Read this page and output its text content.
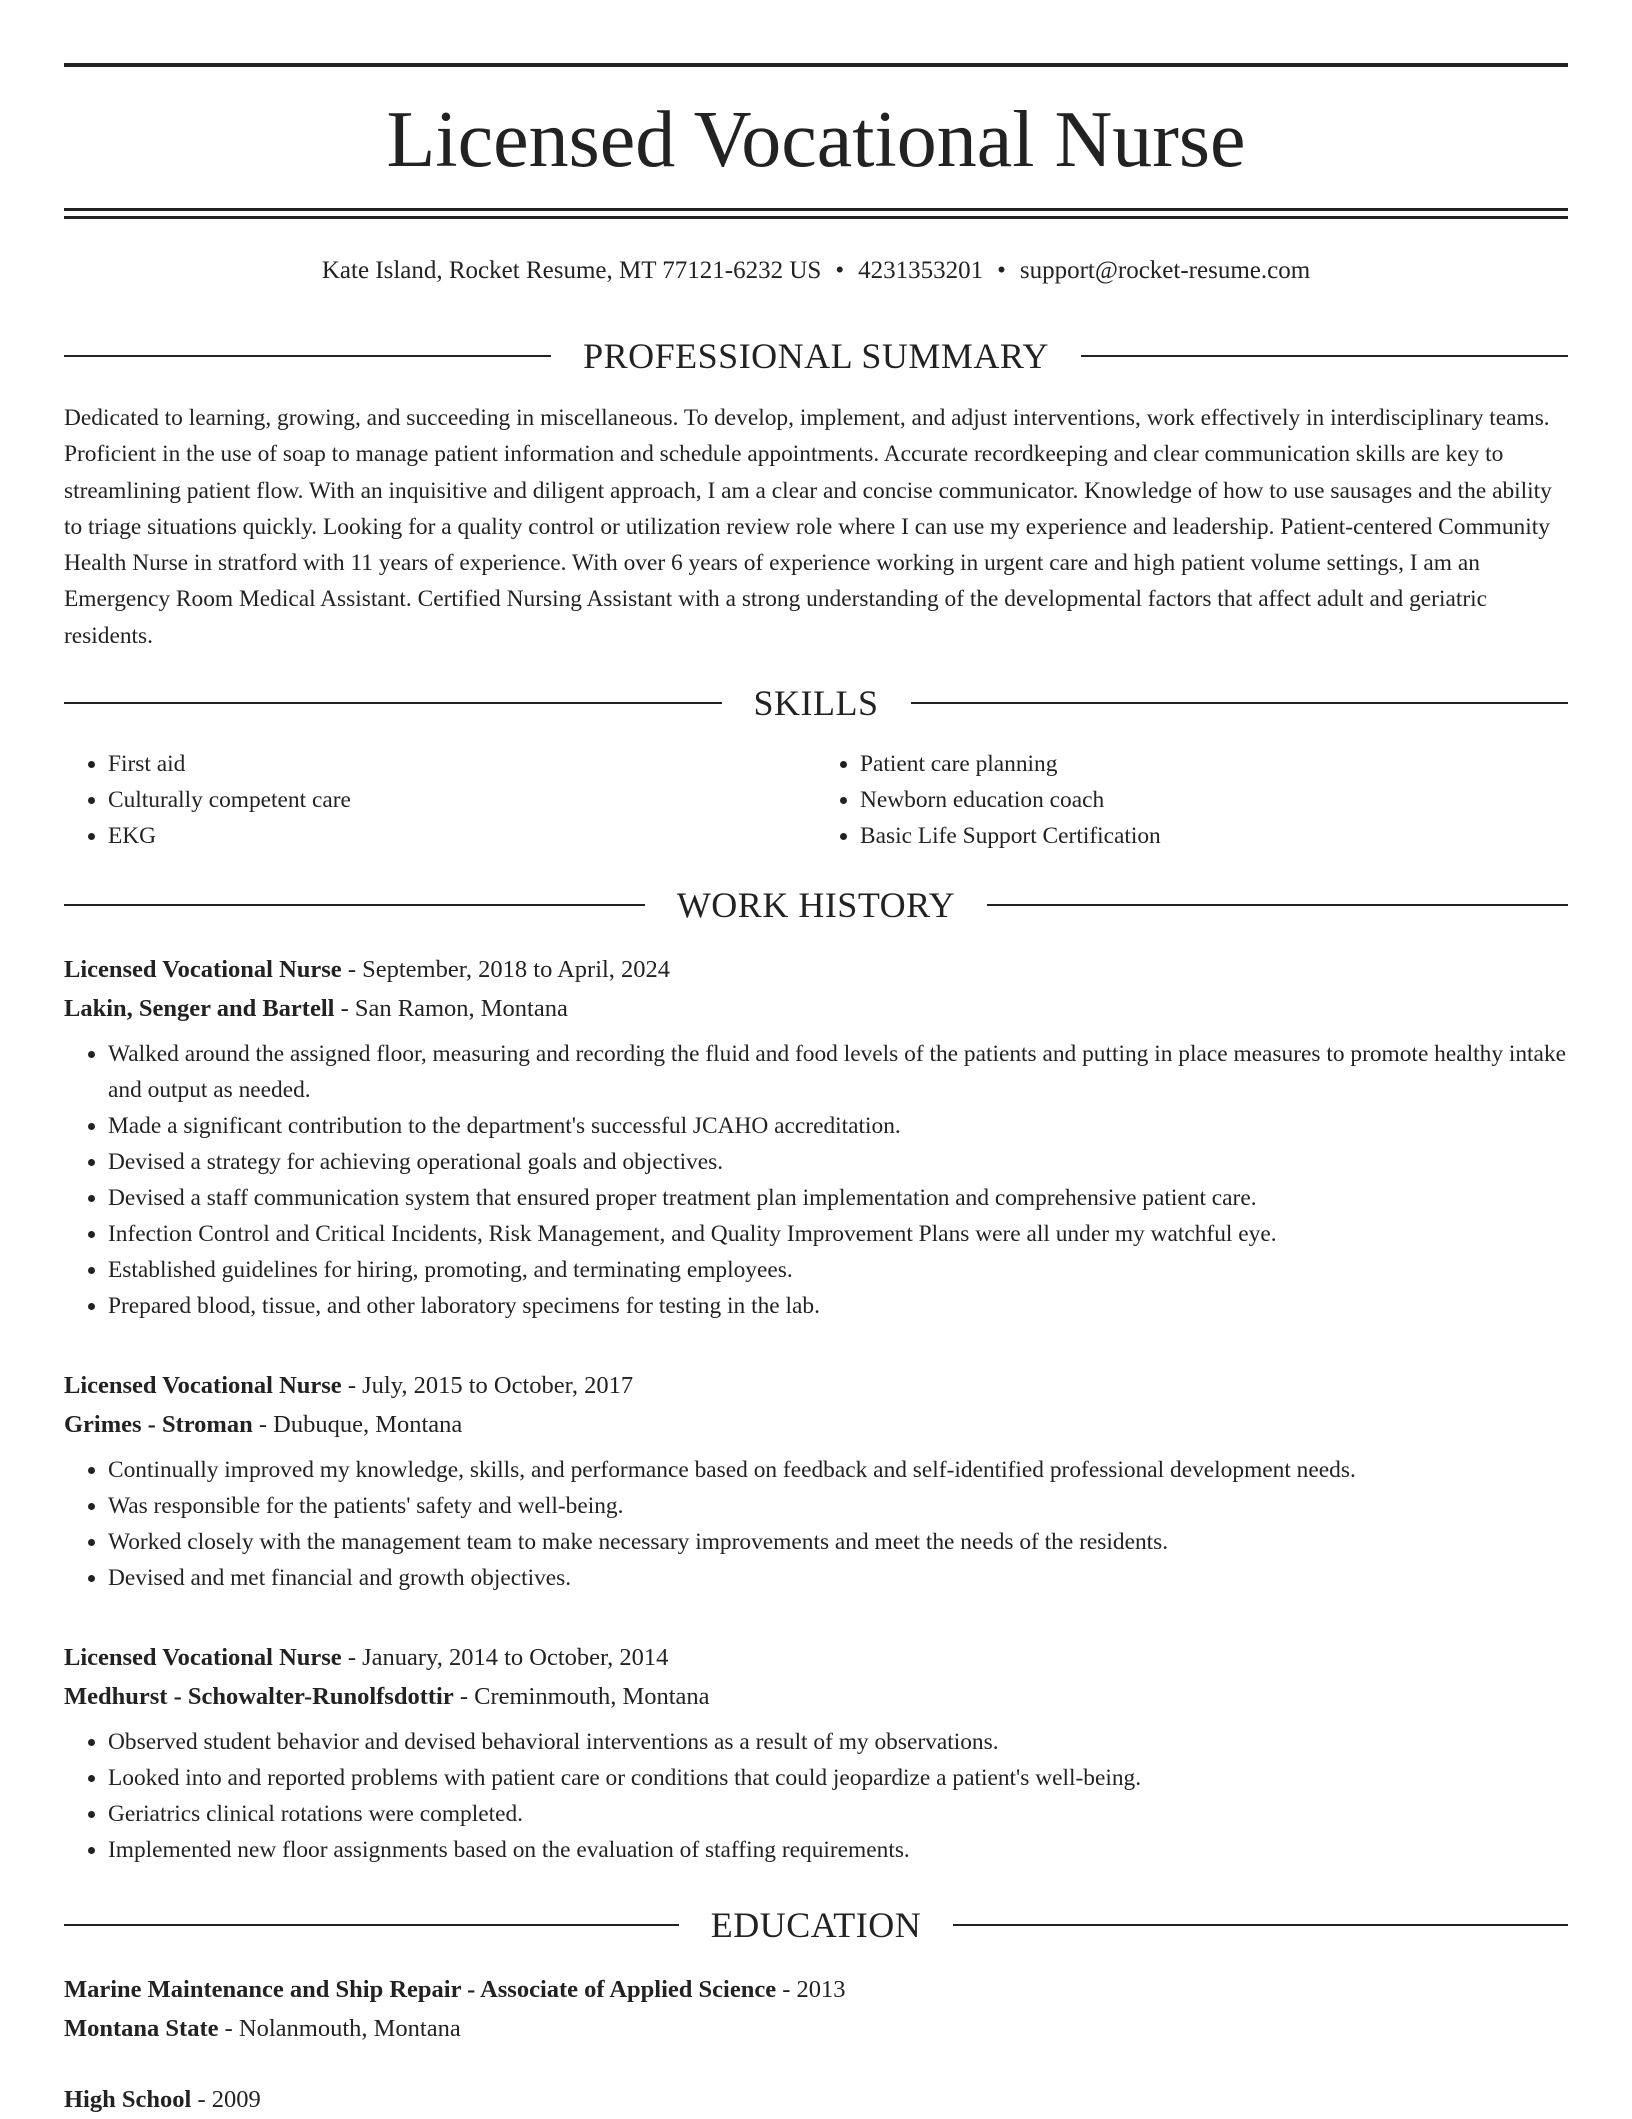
Licensed Vocational Nurse
Kate Island, Rocket Resume, MT 77121-6232 US • 4231353201 • support@rocket-resume.com
PROFESSIONAL SUMMARY

Dedicated to learning, growing, and succeeding in miscellaneous. To develop, implement, and adjust interventions, work effectively in interdisciplinary teams. Proficient in the use of soap to manage patient information and schedule appointments. Accurate recordkeeping and clear communication skills are key to streamlining patient flow. With an inquisitive and diligent approach, I am a clear and concise communicator. Knowledge of how to use sausages and the ability to triage situations quickly. Looking for a quality control or utilization review role where I can use my experience and leadership. Patient-centered Community Health Nurse in stratford with 11 years of experience. With over 6 years of experience working in urgent care and high patient volume settings, I am an Emergency Room Medical Assistant. Certified Nursing Assistant with a strong understanding of the developmental factors that affect adult and geriatric residents.

SKILLS
• First aid
• Culturally competent care
• EKG
• Patient care planning
• Newborn education coach
• Basic Life Support Certification
WORK HISTORY
Licensed Vocational Nurse - September, 2018 to April, 2024
Lakin, Senger and Bartell - San Ramon, Montana
• Walked around the assigned floor, measuring and recording the fluid and food levels of the patients and putting in place measures to promote healthy intake and output as needed.
• Made a significant contribution to the department's successful JCAHO accreditation.
• Devised a strategy for achieving operational goals and objectives.
• Devised a staff communication system that ensured proper treatment plan implementation and comprehensive patient care.
• Infection Control and Critical Incidents, Risk Management, and Quality Improvement Plans were all under my watchful eye.
• Established guidelines for hiring, promoting, and terminating employees.
• Prepared blood, tissue, and other laboratory specimens for testing in the lab.
Licensed Vocational Nurse - July, 2015 to October, 2017
Grimes - Stroman - Dubuque, Montana
• Continually improved my knowledge, skills, and performance based on feedback and self-identified professional development needs.
• Was responsible for the patients' safety and well-being.
• Worked closely with the management team to make necessary improvements and meet the needs of the residents.
• Devised and met financial and growth objectives.
Licensed Vocational Nurse - January, 2014 to October, 2014
Medhurst - Schowalter-Runolfsdottir - Creminmouth, Montana
• Observed student behavior and devised behavioral interventions as a result of my observations.
• Looked into and reported problems with patient care or conditions that could jeopardize a patient's well-being.
• Geriatrics clinical rotations were completed.
• Implemented new floor assignments based on the evaluation of staffing requirements.
EDUCATION
Marine Maintenance and Ship Repair - Associate of Applied Science - 2013
Montana State - Nolanmouth, Montana
High School - 2009
